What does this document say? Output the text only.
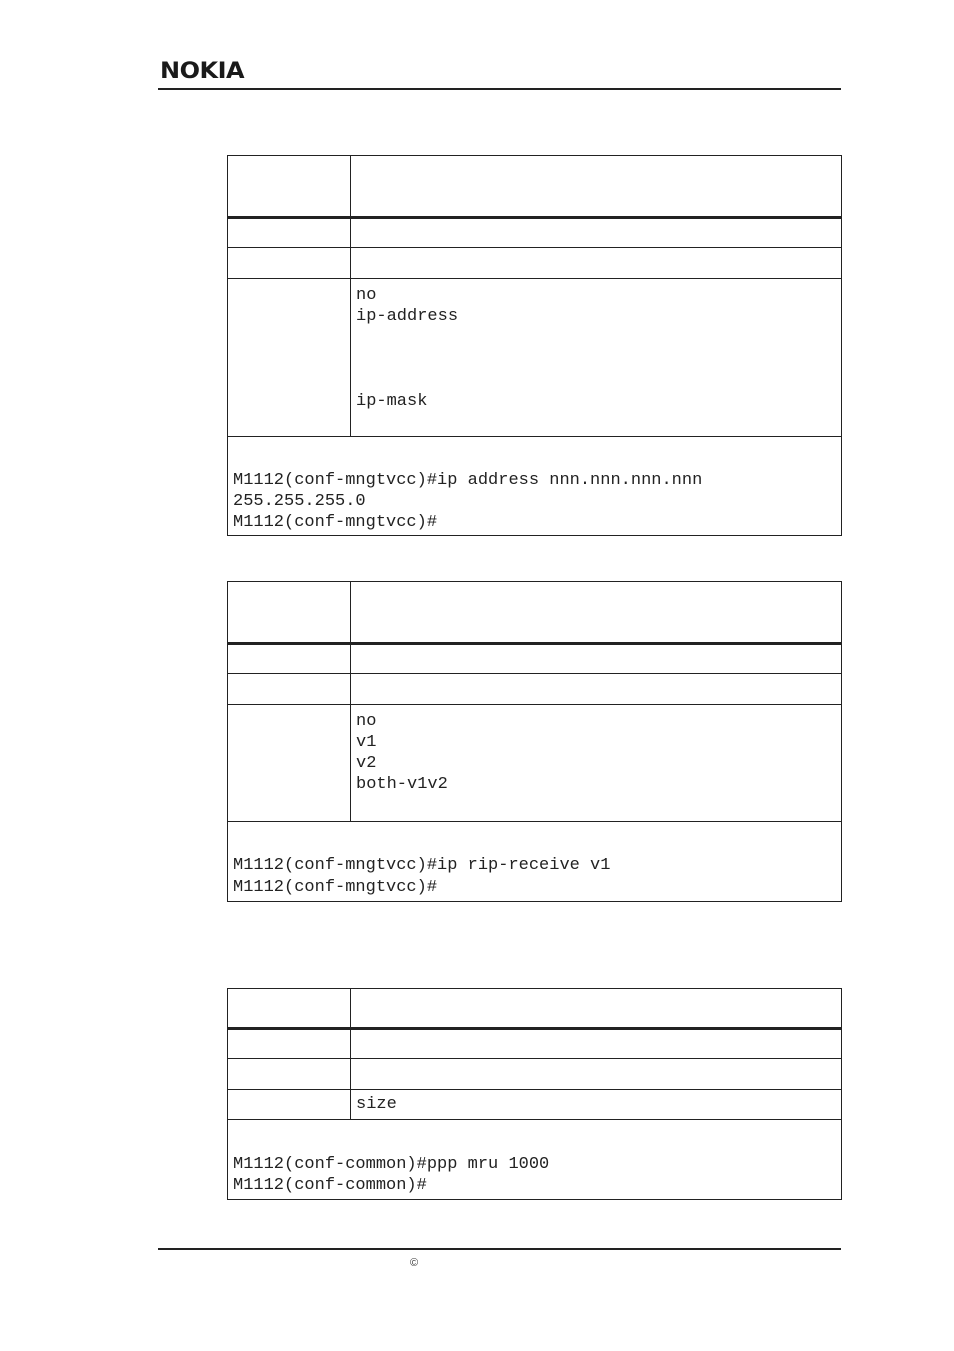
NOKIA
no
ip-address
ip-mask
M1112(conf-mngtvcc)#ip address nnn.nnn.nnn.nnn
255.255.255.0
M1112(conf-mngtvcc)#
no
v1
v2
both-v1v2
M1112(conf-mngtvcc)#ip rip-receive v1
M1112(conf-mngtvcc)#
size
M1112(conf-common)#ppp mru 1000
M1112(conf-common)#
©
